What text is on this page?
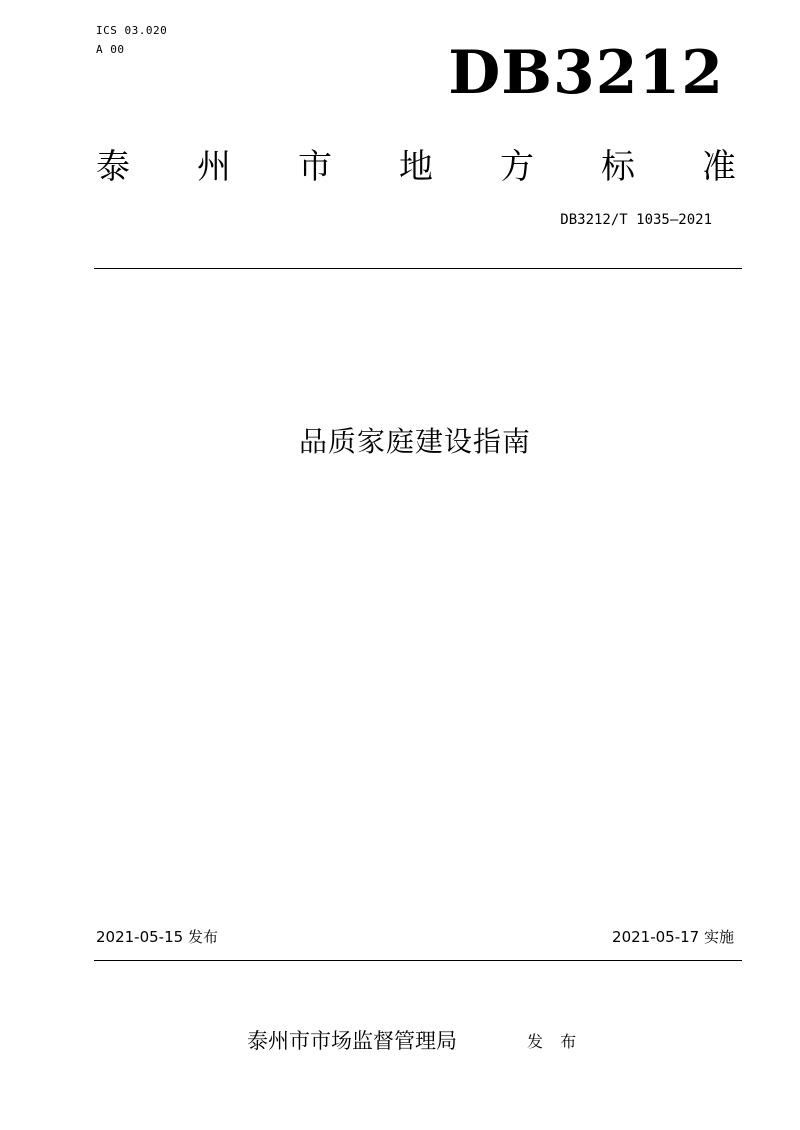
ICS 03.020
A 00	DB3212
泰 州 市 地 方 标 准
DB3212/T 1035—2021
品质家庭建设指南
2021-05-15 发布	2021-05-17 实施
泰州市市场监督管理局	发 布
